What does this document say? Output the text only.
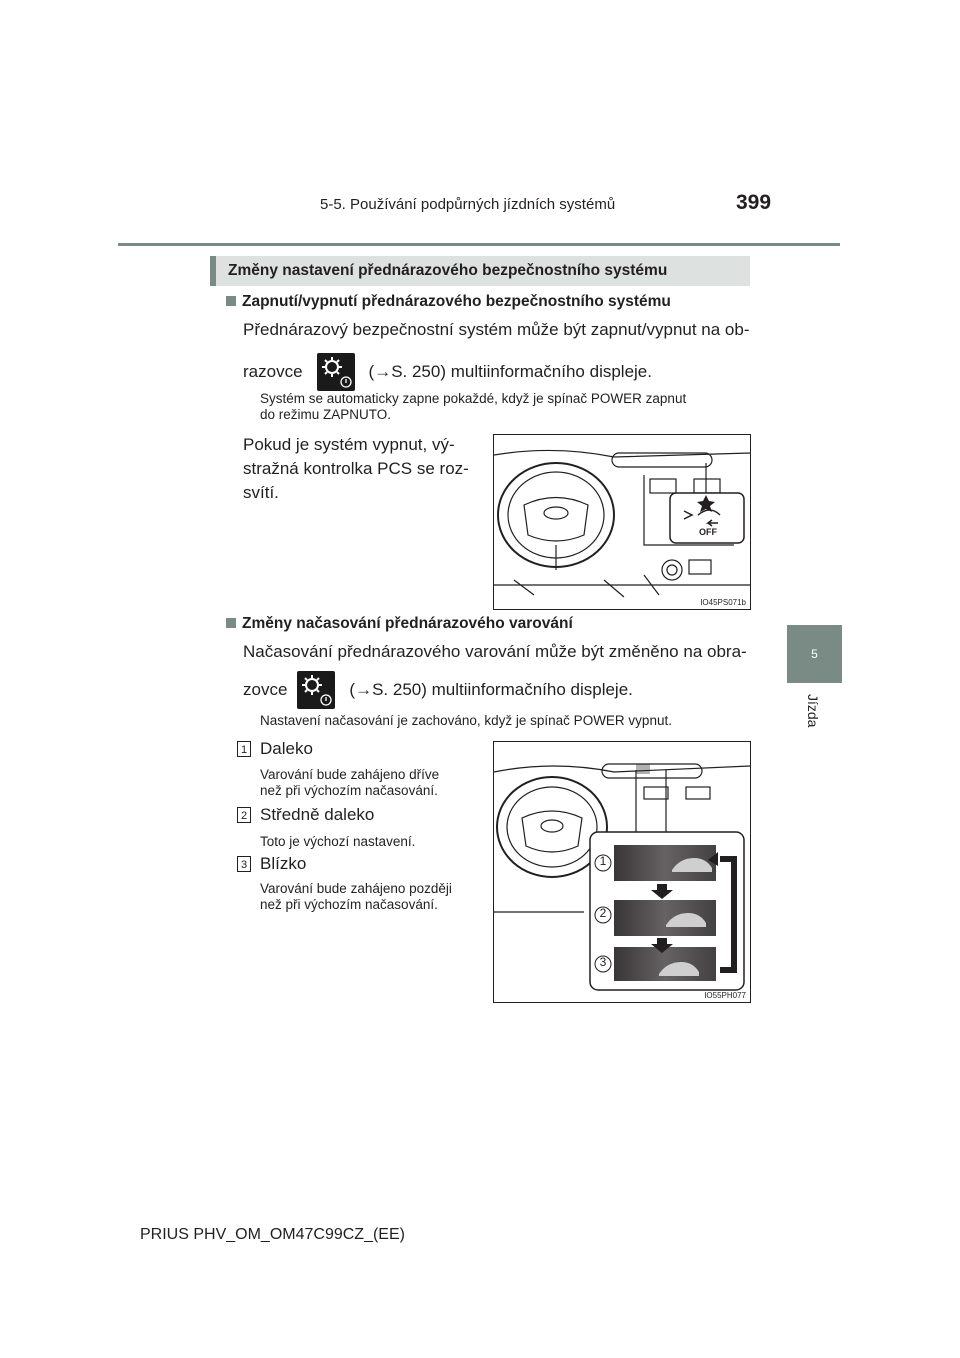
5-5. Používání podpůrných jízdních systémů	399
5
Jízda
Změny nastavení přednárazového bezpečnostního systému
Zapnutí/vypnutí přednárazového bezpečnostního systému
Přednárazový bezpečnostní systém může být zapnut/vypnut na ob-
razovce	(→S. 250) multiinformačního displeje.
Systém se automaticky zapne pokaždé, když je spínač POWER zapnut
do režimu ZAPNUTO.
Pokud je systém vypnut, vý-
stražná kontrolka PCS se roz-
svítí.
OFF
IO45PS071b
Změny načasování přednárazového varování
Načasování přednárazového varování může být změněno na obra-
zovce	(→S. 250) multiinformačního displeje.
Nastavení načasování je zachováno, když je spínač POWER vypnut.
1 Daleko
Varování bude zahájeno dříve
než při výchozím načasování.
2 Středně daleko
Toto je výchozí nastavení.
3 Blízko
Varování bude zahájeno později
než při výchozím načasování.
1
2
3
IO55PH077
PRIUS PHV_OM_OM47C99CZ_(EE)
